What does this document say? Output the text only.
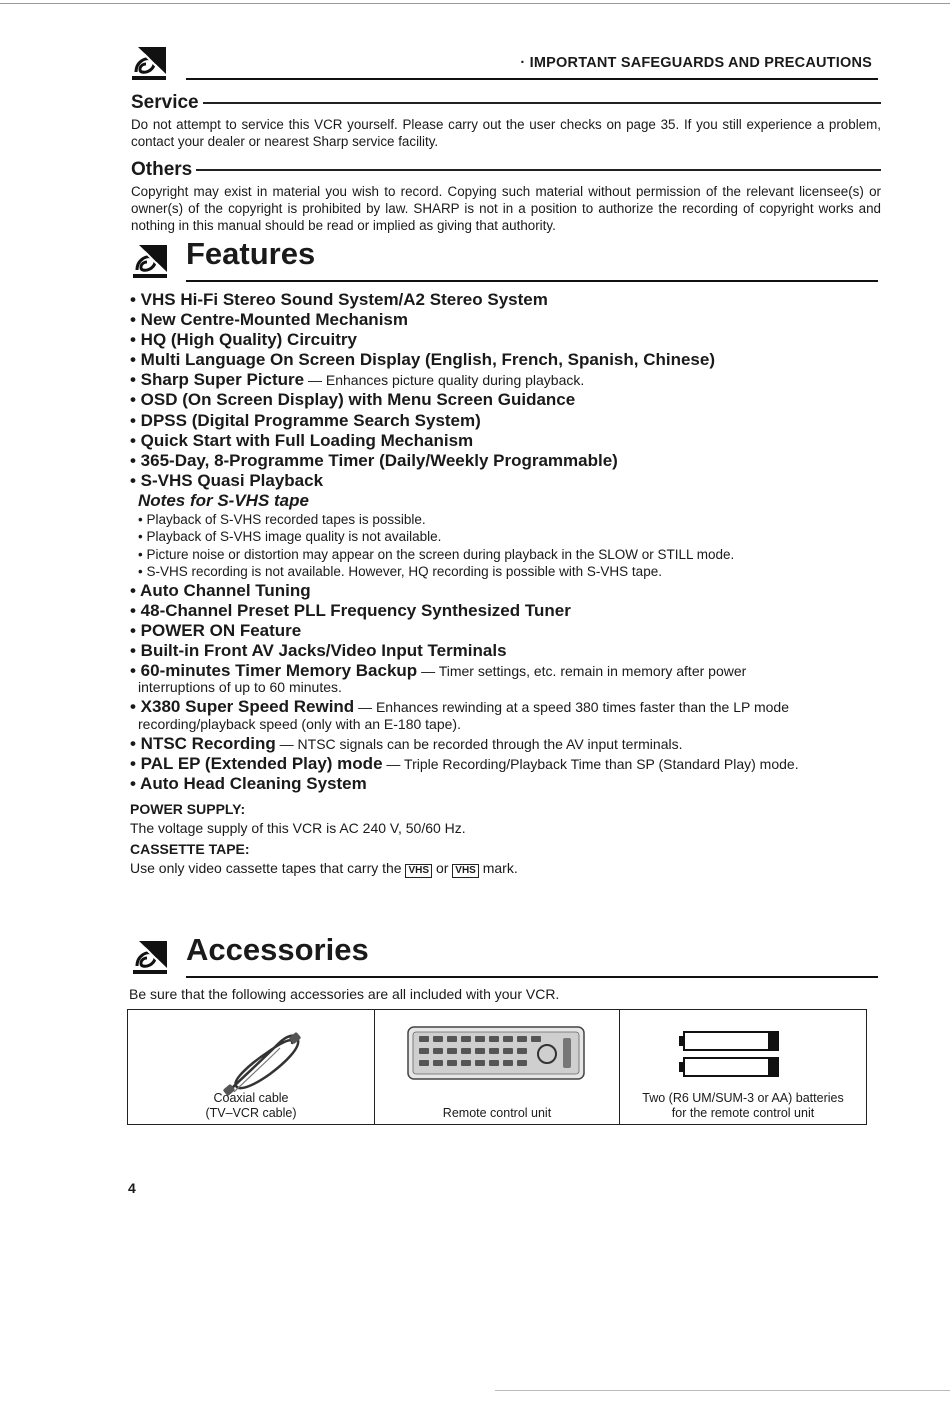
· IMPORTANT SAFEGUARDS AND PRECAUTIONS
Service
Do not attempt to service this VCR yourself. Please carry out the user checks on page 35. If you still experience a problem, contact your dealer or nearest Sharp service facility.
Others
Copyright may exist in material you wish to record. Copying such material without permission of the relevant licensee(s) or owner(s) of the copyright is prohibited by law. SHARP is not in a position to authorize the recording of copyright works and nothing in this manual should be read or implied as giving that authority.
Features
• VHS Hi-Fi Stereo Sound System/A2 Stereo System
• New Centre-Mounted Mechanism
• HQ (High Quality) Circuitry
• Multi Language On Screen Display (English, French, Spanish, Chinese)
• Sharp Super Picture — Enhances picture quality during playback.
• OSD (On Screen Display) with Menu Screen Guidance
• DPSS (Digital Programme Search System)
• Quick Start with Full Loading Mechanism
• 365-Day, 8-Programme Timer (Daily/Weekly Programmable)
• S-VHS Quasi Playback
Notes for S-VHS tape
• Playback of S-VHS recorded tapes is possible.
• Playback of S-VHS image quality is not available.
• Picture noise or distortion may appear on the screen during playback in the SLOW or STILL mode.
• S-VHS recording is not available. However, HQ recording is possible with S-VHS tape.
• Auto Channel Tuning
• 48-Channel Preset PLL Frequency Synthesized Tuner
• POWER ON Feature
• Built-in Front AV Jacks/Video Input Terminals
• 60-minutes Timer Memory Backup — Timer settings, etc. remain in memory after power
interruptions of up to 60 minutes.
• X380 Super Speed Rewind — Enhances rewinding at a speed 380 times faster than the LP mode
recording/playback speed (only with an E-180 tape).
• NTSC Recording — NTSC signals can be recorded through the AV input terminals.
• PAL EP (Extended Play) mode — Triple Recording/Playback Time than SP (Standard Play) mode.
• Auto Head Cleaning System
POWER SUPPLY:
The voltage supply of this VCR is AC 240 V, 50/60 Hz.
CASSETTE TAPE:
Use only video cassette tapes that carry the VHS or VHS mark.
Accessories
Be sure that the following accessories are all included with your VCR.
Coaxial cable
(TV–VCR cable)	Remote control unit
Two (R6 UM/SUM-3 or AA) batteries
for the remote control unit
4
